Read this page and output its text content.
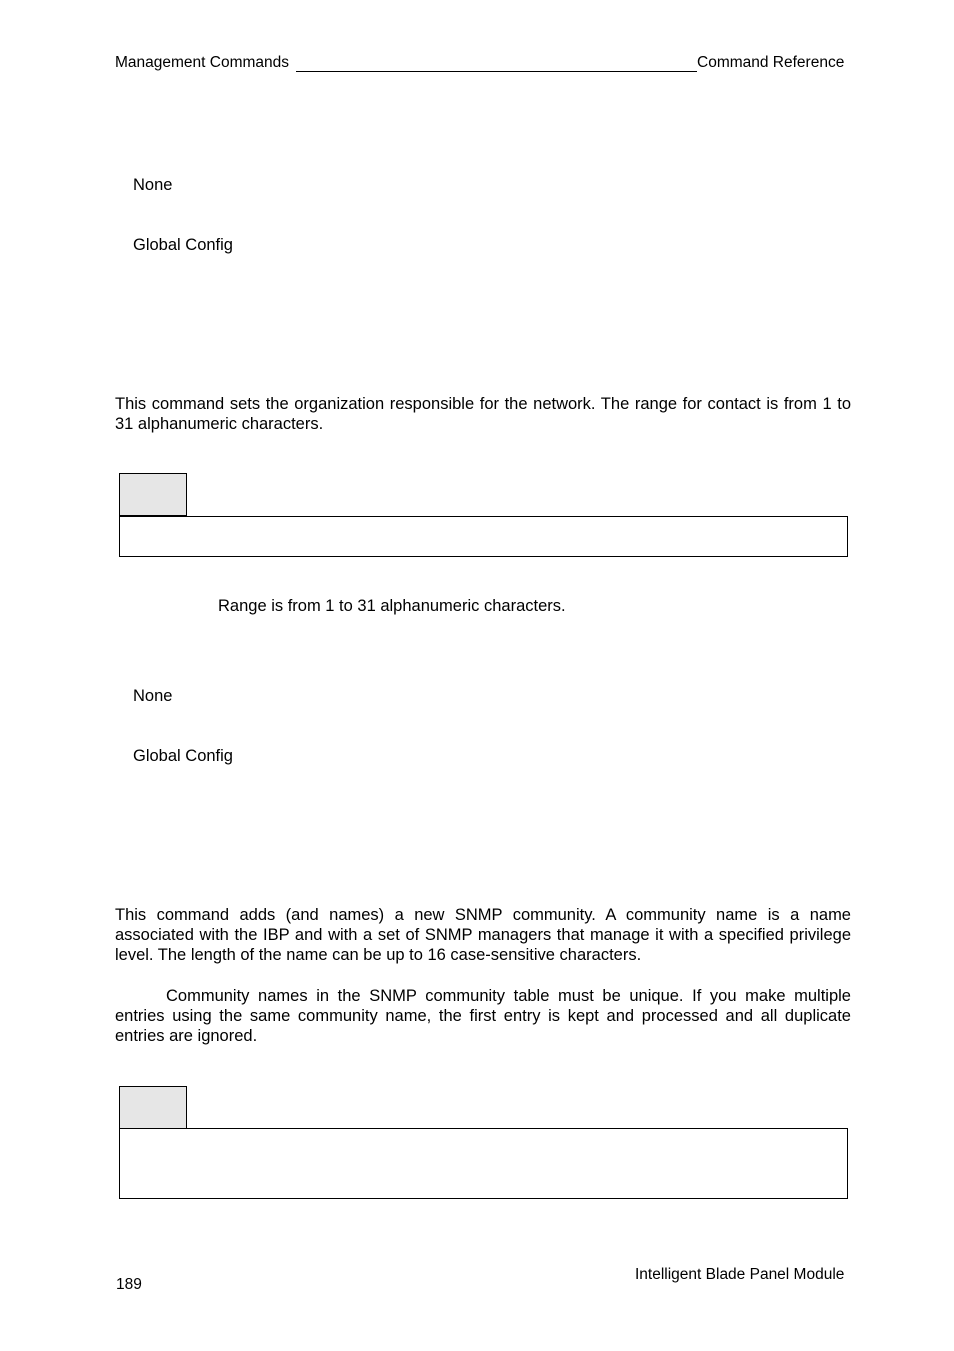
Management Commands	Command Reference
None
Global Config
This command sets the organization responsible for the network. The range for contact is from 1 to 31 alphanumeric characters.
Range is from 1 to 31 alphanumeric characters.
None
Global Config
This command adds (and names) a new SNMP community. A community name is a name associated with the IBP and with a set of SNMP managers that manage it with a specified privilege level. The length of the name can be up to 16 case-sensitive characters.
Community names in the SNMP community table must be unique. If you make multiple entries using the same community name, the first entry is kept and processed and all duplicate entries are ignored.
189
Intelligent Blade Panel Module
